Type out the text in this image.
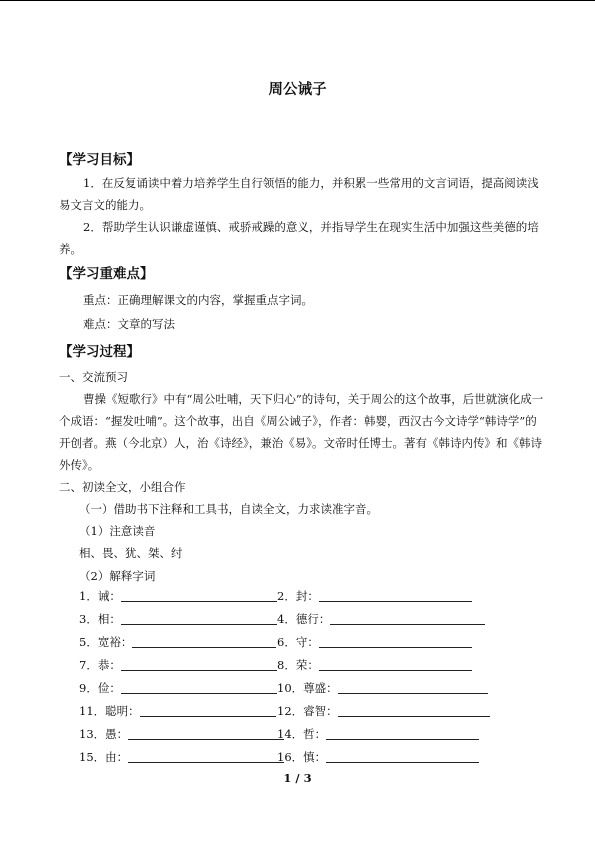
周公诫子
【学习目标】
1．在反复诵读中着力培养学生自行领悟的能力，并积累一些常用的文言词语，提高阅读浅易文言文的能力。
2．帮助学生认识谦虚谨慎、戒骄戒躁的意义，并指导学生在现实生活中加强这些美德的培养。
【学习重难点】
重点：正确理解课文的内容，掌握重点字词。
难点：文章的写法
【学习过程】
一、交流预习
曹操《短歌行》中有“周公吐哺，天下归心”的诗句，关于周公的这个故事，后世就演化成一个成语：“握发吐哺”。这个故事，出自《周公诫子》，作者：韩婴，西汉古今文诗学“韩诗学”的开创者。燕（今北京）人，治《诗经》，兼治《易》。文帝时任博士。著有《韩诗内传》和《韩诗外传》。
二、初读全文，小组合作
（一）借助书下注释和工具书，自读全文，力求读准字音。
（1）注意读音
相、畏、犹、桀、纣
（2）解释字词
1．诫：	2．封：
3．相：	4．德行：
5．宽裕：	6．守：
7．恭：	8．荣：
9．俭：	10．尊盛：
11．聪明：	12．睿智：
13．愚：	14．哲：
15．由：	16．慎：
1 / 3
